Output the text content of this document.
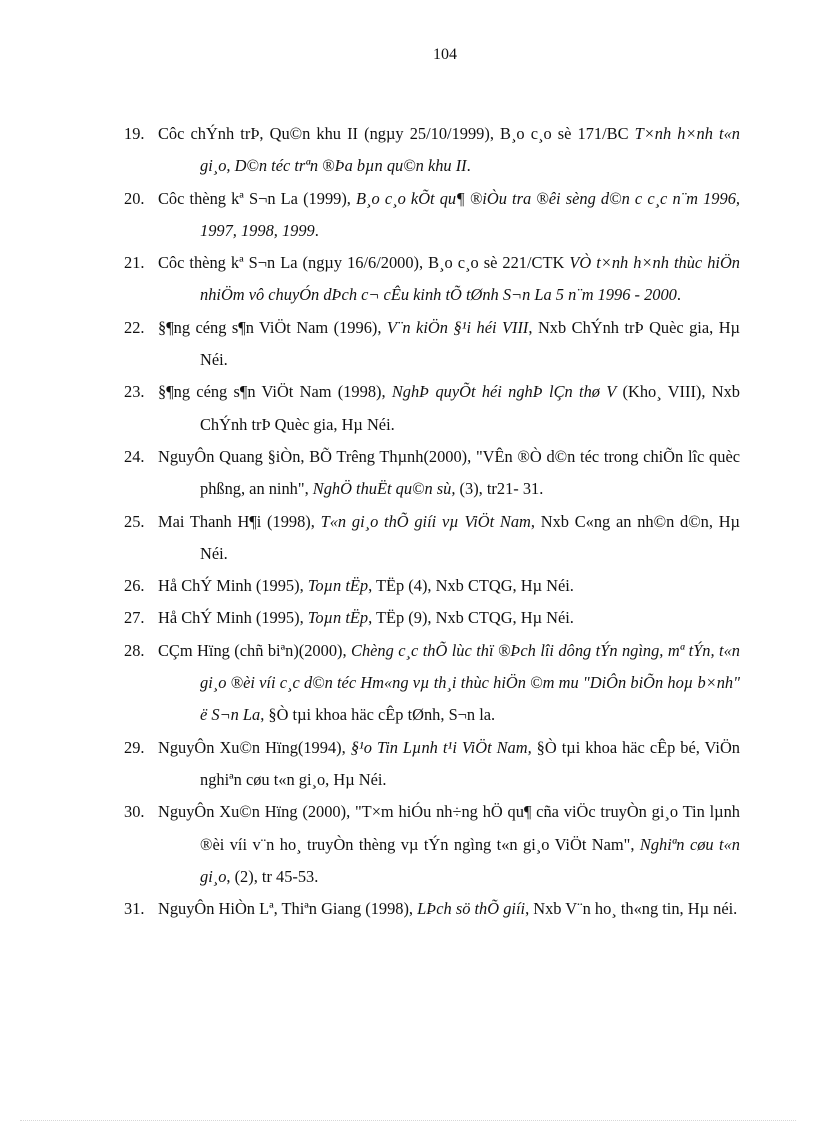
104
19. Côc chÝnh trÞ, Qu©n khu II (ngµy 25/10/1999), B¸o c¸o sè 171/BC T×nh h×nh t«n gi¸o, D©n téc trªn ®Þa bµn qu©n khu II.
20. Côc thèng kª S¬n La (1999), B¸o c¸o kÕt qu¶ ®iÒu tra ®êi sèng d©n c c¸c n¨m 1996, 1997, 1998, 1999.
21. Côc thèng kª S¬n La (ngµy 16/6/2000), B¸o c¸o sè 221/CTK VÒ t×nh h×nh thùc hiÖn nhiÖm vô chuyÓn dÞch c¬ cÊu kinh tÕ tØnh S¬n La 5 n¨m 1996 - 2000.
22. §¶ng céng s¶n ViÖt Nam (1996), V¨n kiÖn §¹i héi VIII, Nxb ChÝnh trÞ Quèc gia, Hµ Néi.
23. §¶ng céng s¶n ViÖt Nam (1998), NghÞ quyÕt héi nghÞ lÇn thø V (Kho¸ VIII), Nxb ChÝnh trÞ Quèc gia, Hµ Néi.
24. NguyÔn Quang §iÒn, BÕ Trêng Thµnh(2000), "VÊn ®Ò d©n téc trong chiÕn lîc quèc phßng, an ninh", NghÖ thuËt qu©n sù, (3), tr21- 31.
25. Mai Thanh H¶i (1998), T«n gi¸o thÕ giíi vµ ViÖt Nam, Nxb C«ng an nh©n d©n, Hµ Néi.
26. Hå ChÝ Minh (1995), Toµn tËp, TËp (4), Nxb CTQG, Hµ Néi.
27. Hå ChÝ Minh (1995), Toµn tËp, TËp (9), Nxb CTQG, Hµ Néi.
28. CÇm Hïng (chñ biªn)(2000), Chèng c¸c thÕ lùc thï ®Þch lîi dông tÝn ngìng, mª tÝn, t«n gi¸o ®èi víi c¸c d©n téc Hm«ng vµ th¸i thùc hiÖn ©m mu "DiÔn biÕn hoµ b×nh" ë S¬n La, §Ò tµi khoa häc cÊp tØnh, S¬n la.
29. NguyÔn Xu©n Hïng(1994), §¹o Tin Lµnh t¹i ViÖt Nam, §Ò tµi khoa häc cÊp bé, ViÖn nghiªn cøu t«n gi¸o, Hµ Néi.
30. NguyÔn Xu©n Hïng (2000), "T×m hiÓu nh÷ng hÖ qu¶ cña viÖc truyÒn gi¸o Tin lµnh ®èi víi v¨n ho¸ truyÒn thèng vµ tÝn ngìng t«n gi¸o ViÖt Nam", Nghiªn cøu t«n gi¸o, (2), tr 45-53.
31. NguyÔn HiÒn Lª, Thiªn Giang (1998), LÞch sö thÕ giíi, Nxb V¨n ho¸ th«ng tin, Hµ néi.
